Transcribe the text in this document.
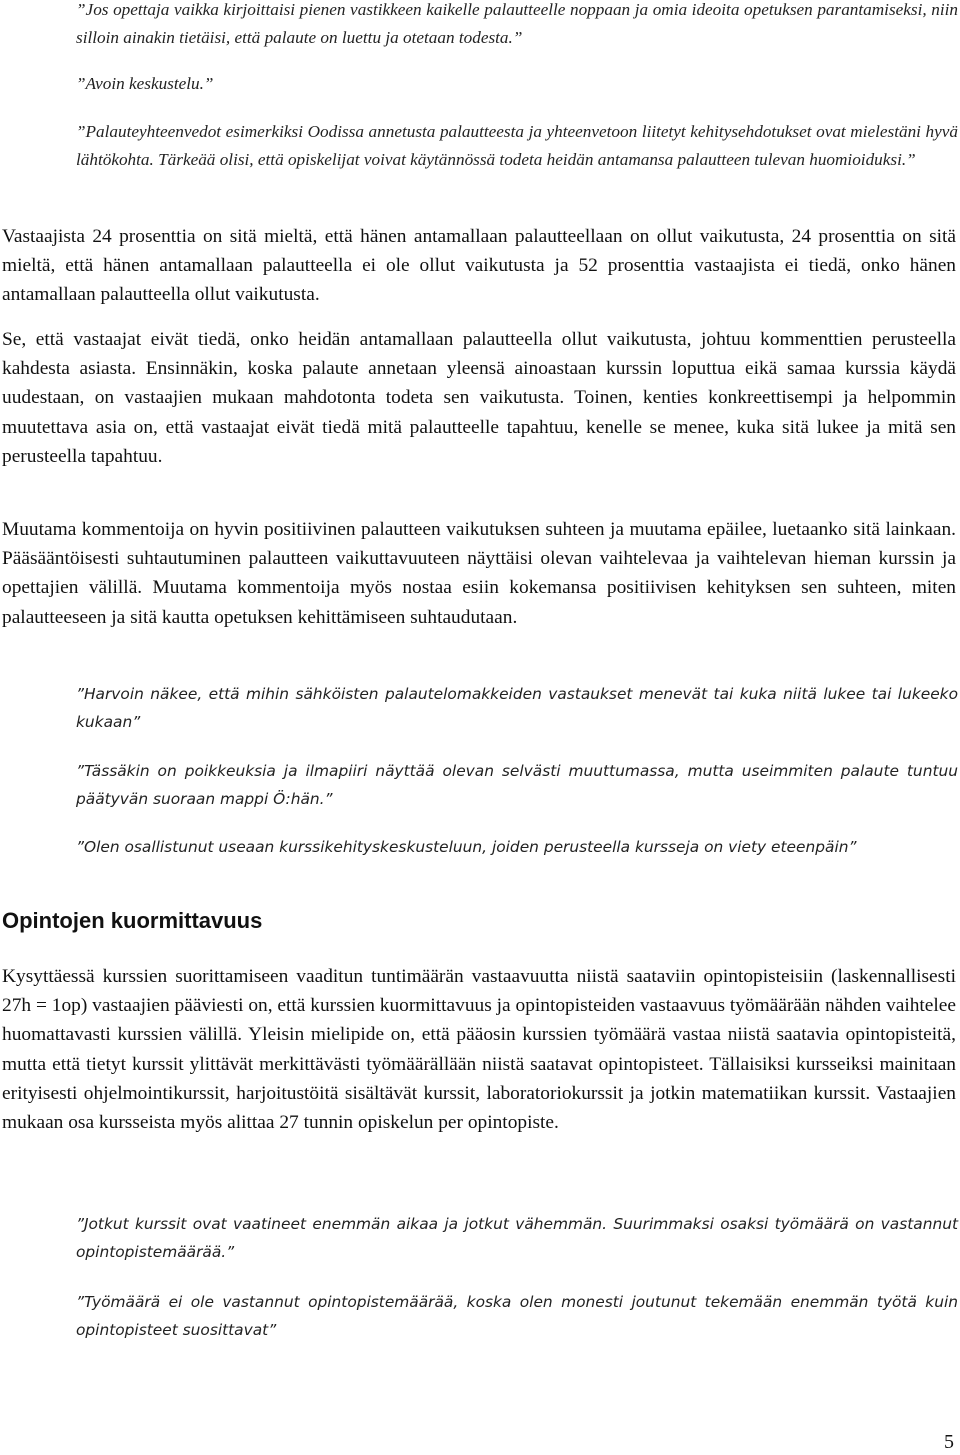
”Jos opettaja vaikka kirjoittaisi pienen vastikkeen kaikelle palautteelle noppaan ja omia ideoita opetuksen parantamiseksi, niin silloin ainakin tietäisi, että palaute on luettu ja otetaan todesta.”

”Avoin keskustelu.”

”Palauteyhteenvedot esimerkiksi Oodissa annetusta palautteesta ja yhteenvetoon liitetyt kehitysehdotukset ovat mielestäni hyvä lähtökohta. Tärkeää olisi, että opiskelijat voivat käytännössä todeta heidän antamansa palautteen tulevan huomioiduksi.”

Vastaajista 24 prosenttia on sitä mieltä, että hänen antamallaan palautteellaan on ollut vaikutusta, 24 prosenttia on sitä mieltä, että hänen antamallaan palautteella ei ole ollut vaikutusta ja 52 prosenttia vastaajista ei tiedä, onko hänen antamallaan palautteella ollut vaikutusta.

Se, että vastaajat eivät tiedä, onko heidän antamallaan palautteella ollut vaikutusta, johtuu kommenttien perusteella kahdesta asiasta. Ensinnäkin, koska palaute annetaan yleensä ainoastaan kurssin loputtua eikä samaa kurssia käydä uudestaan, on vastaajien mukaan mahdotonta todeta sen vaikutusta. Toinen, kenties konkreettisempi ja helpommin muutettava asia on, että vastaajat eivät tiedä mitä palautteelle tapahtuu, kenelle se menee, kuka sitä lukee ja mitä sen perusteella tapahtuu.

Muutama kommentoija on hyvin positiivinen palautteen vaikutuksen suhteen ja muutama epäilee, luetaanko sitä lainkaan. Pääsääntöisesti suhtautuminen palautteen vaikuttavuuteen näyttäisi olevan vaihtelevaa ja vaihtelevan hieman kurssin ja opettajien välillä. Muutama kommentoija myös nostaa esiin kokemansa positiivisen kehityksen sen suhteen, miten palautteeseen ja sitä kautta opetuksen kehittämiseen suhtaudutaan.

”Harvoin näkee, että mihin sähköisten palautelomakkeiden vastaukset menevät tai kuka niitä lukee tai lukeeko kukaan”

”Tässäkin on poikkeuksia ja ilmapiiri näyttää olevan selvästi muuttumassa, mutta useimmiten palaute tuntuu päätyvän suoraan mappi Ö:hän.”

”Olen osallistunut useaan kurssikehityskeskusteluun, joiden perusteella kursseja on viety eteenpäin”

Opintojen kuormittavuus

Kysyttäessä kurssien suorittamiseen vaaditun tuntimäärän vastaavuutta niistä saataviin opintopisteisiin (laskennallisesti 27h = 1op) vastaajien pääviesti on, että kurssien kuormittavuus ja opintopisteiden vastaavuus työmäärään nähden vaihtelee huomattavasti kurssien välillä. Yleisin mielipide on, että pääosin kurssien työmäärä vastaa niistä saatavia opintopisteitä, mutta että tietyt kurssit ylittävät merkittävästi työmäärällään niistä saatavat opintopisteet. Tällaisiksi kursseiksi mainitaan erityisesti ohjelmointikurssit, harjoitustöitä sisältävät kurssit, laboratoriokurssit ja jotkin matematiikan kurssit. Vastaajien mukaan osa kursseista myös alittaa 27 tunnin opiskelun per opintopiste.

”Jotkut kurssit ovat vaatineet enemmän aikaa ja jotkut vähemmän. Suurimmaksi osaksi työmäärä on vastannut opintopistemäärää.”

”Työmäärä ei ole vastannut opintopistemäärää, koska olen monesti joutunut tekemään enemmän työtä kuin opintopisteet suosittavat”

5
